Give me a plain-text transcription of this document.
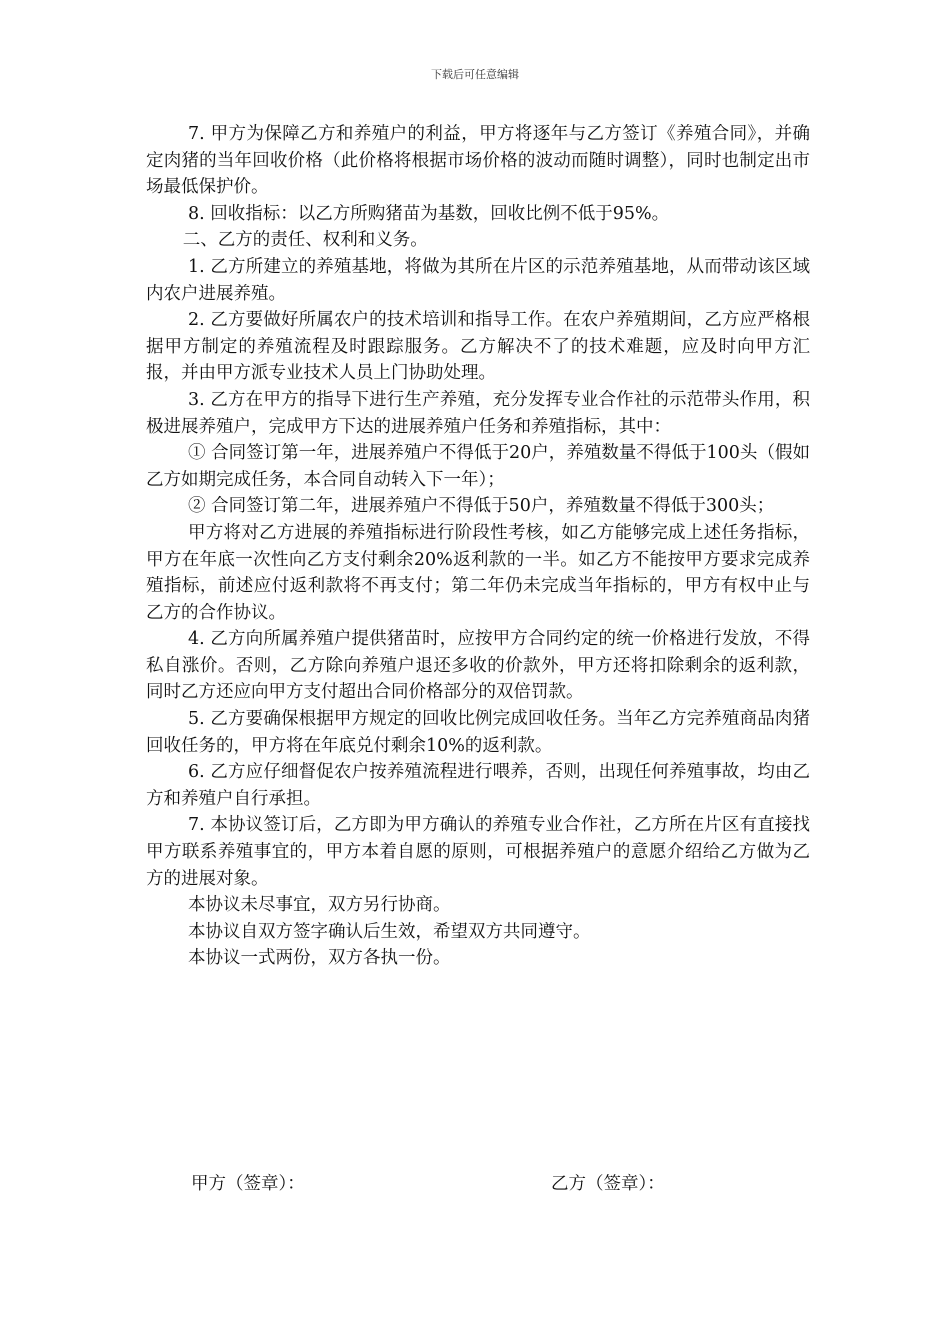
下载后可任意编辑

7. 甲方为保障乙方和养殖户的利益，甲方将逐年与乙方签订《养殖合同》，并确定肉猪的当年回收价格（此价格将根据市场价格的波动而随时调整），同时也制定出市场最低保护价。

8. 回收指标：以乙方所购猪苗为基数，回收比例不低于95%。

二、乙方的责任、权利和义务。

1. 乙方所建立的养殖基地，将做为其所在片区的示范养殖基地，从而带动该区域内农户进展养殖。

2. 乙方要做好所属农户的技术培训和指导工作。在农户养殖期间，乙方应严格根据甲方制定的养殖流程及时跟踪服务。乙方解决不了的技术难题，应及时向甲方汇报，并由甲方派专业技术人员上门协助处理。

3. 乙方在甲方的指导下进行生产养殖，充分发挥专业合作社的示范带头作用，积极进展养殖户，完成甲方下达的进展养殖户任务和养殖指标，其中：

① 合同签订第一年，进展养殖户不得低于20户，养殖数量不得低于100头（假如乙方如期完成任务，本合同自动转入下一年）；

② 合同签订第二年，进展养殖户不得低于50户，养殖数量不得低于300头；

甲方将对乙方进展的养殖指标进行阶段性考核，如乙方能够完成上述任务指标，甲方在年底一次性向乙方支付剩余20%返利款的一半。如乙方不能按甲方要求完成养殖指标，前述应付返利款将不再支付；第二年仍未完成当年指标的，甲方有权中止与乙方的合作协议。

4. 乙方向所属养殖户提供猪苗时，应按甲方合同约定的统一价格进行发放，不得私自涨价。否则，乙方除向养殖户退还多收的价款外，甲方还将扣除剩余的返利款，同时乙方还应向甲方支付超出合同价格部分的双倍罚款。

5. 乙方要确保根据甲方规定的回收比例完成回收任务。当年乙方完养殖商品肉猪回收任务的，甲方将在年底兑付剩余10%的返利款。

6. 乙方应仔细督促农户按养殖流程进行喂养，否则，出现任何养殖事故，均由乙方和养殖户自行承担。

7. 本协议签订后，乙方即为甲方确认的养殖专业合作社，乙方所在片区有直接找甲方联系养殖事宜的，甲方本着自愿的原则，可根据养殖户的意愿介绍给乙方做为乙方的进展对象。

本协议未尽事宜，双方另行协商。

本协议自双方签字确认后生效，希望双方共同遵守。

本协议一式两份，双方各执一份。

甲方（签章）：	乙方（签章）：
